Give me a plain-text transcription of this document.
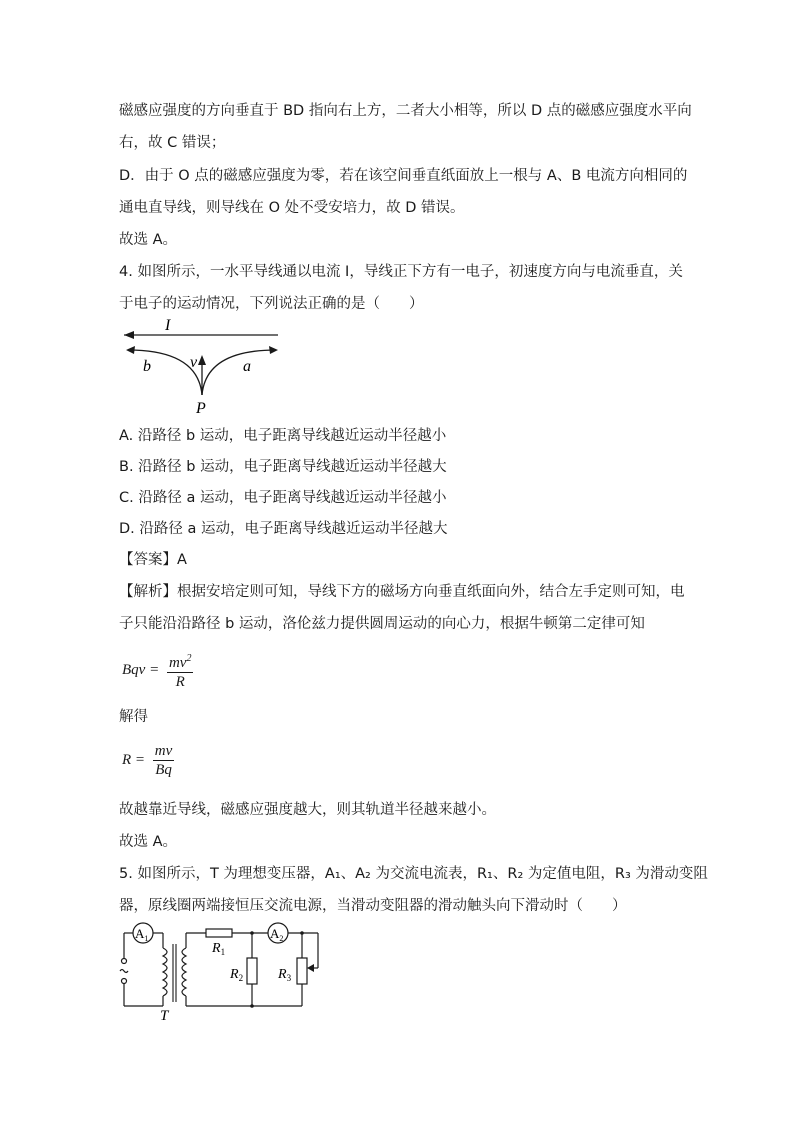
磁感应强度的方向垂直于 BD 指向右上方，二者大小相等，所以 D 点的磁感应强度水平向
右，故 C 错误；
D．由于 O 点的磁感应强度为零，若在该空间垂直纸面放上一根与 A、B 电流方向相同的
通电直导线，则导线在 O 处不受安培力，故 D 错误。
故选 A。
4. 如图所示，一水平导线通以电流 I，导线正下方有一电子，初速度方向与电流垂直，关
于电子的运动情况，下列说法正确的是（　　）
A. 沿路径 b 运动，电子距离导线越近运动半径越小
B. 沿路径 b 运动，电子距离导线越近运动半径越大
C. 沿路径 a 运动，电子距离导线越近运动半径越小
D. 沿路径 a 运动，电子距离导线越近运动半径越大
【答案】A
【解析】根据安培定则可知，导线下方的磁场方向垂直纸面向外，结合左手定则可知，电
子只能沿沿路径 b 运动，洛伦兹力提供圆周运动的向心力，根据牛顿第二定律可知
解得
故越靠近导线，磁感应强度越大，则其轨道半径越来越小。
故选 A。
5. 如图所示，T 为理想变压器，A₁、A₂ 为交流电流表，R₁、R₂ 为定值电阻，R₃ 为滑动变阻
器，原线圈两端接恒压交流电源，当滑动变阻器的滑动触头向下滑动时（　　）
Bqv = $\frac{mv^2}{R}$
$R = \frac{mv}{Bq}$
I
b v	a
P
$A_1$	$A_2$
$R_1$
$R_2$ $R_3$
T
